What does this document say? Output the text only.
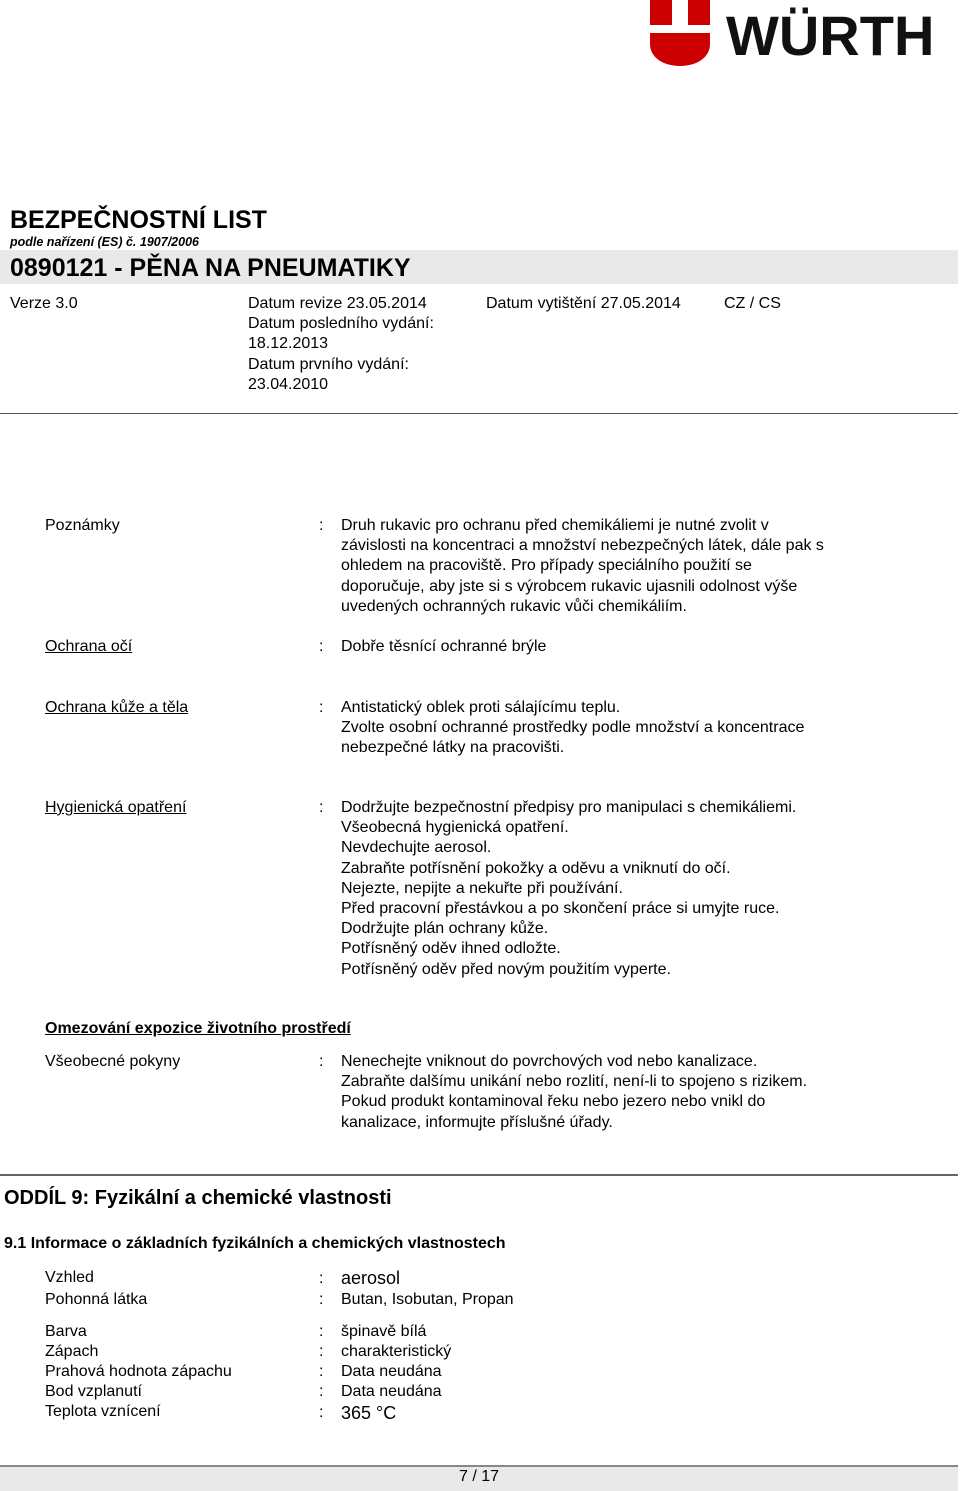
WÜRTH
BEZPEČNOSTNÍ LIST
podle nařízení (ES) č. 1907/2006
0890121 - PĚNA NA PNEUMATIKY
Verze 3.0	Datum revize 23.05.2014
Datum posledního vydání:
18.12.2013
Datum prvního vydání:
23.04.2010
Datum vytištění 27.05.2014	CZ / CS
Poznámky	: Druh rukavic pro ochranu před chemikáliemi je nutné zvolit v
závislosti na koncentraci a množství nebezpečných látek, dále pak s
ohledem na pracoviště. Pro případy speciálního použití se
doporučuje, aby jste si s výrobcem rukavic ujasnili odolnost výše
uvedených ochranných rukavic vůči chemikáliím.
Ochrana očí	: Dobře těsnící ochranné brýle
Ochrana kůže a těla	: Antistatický oblek proti sálajícímu teplu.
Zvolte osobní ochranné prostředky podle množství a koncentrace
nebezpečné látky na pracovišti.
Hygienická opatření	: Dodržujte bezpečnostní předpisy pro manipulaci s chemikáliemi.
Všeobecná hygienická opatření.
Nevdechujte aerosol.
Zabraňte potřísnění pokožky a oděvu a vniknutí do očí.
Nejezte, nepijte a nekuřte při používání.
Před pracovní přestávkou a po skončení práce si umyjte ruce.
Dodržujte plán ochrany kůže.
Potřísněný oděv ihned odložte.
Potřísněný oděv před novým použitím vyperte.
Omezování expozice životního prostředí
Všeobecné pokyny	: Nenechejte vniknout do povrchových vod nebo kanalizace.
Zabraňte dalšímu unikání nebo rozlití, není-li to spojeno s rizikem.
Pokud produkt kontaminoval řeku nebo jezero nebo vnikl do
kanalizace, informujte příslušné úřady.
ODDÍL 9: Fyzikální a chemické vlastnosti
9.1 Informace o základních fyzikálních a chemických vlastnostech
Vzhled	: aerosol
Pohonná látka	: Butan, Isobutan, Propan
Barva	: špinavě bílá
Zápach	: charakteristický
Prahová hodnota zápachu	: Data neudána
Bod vzplanutí	: Data neudána
Teplota vznícení	: 365 °C
7 / 17
